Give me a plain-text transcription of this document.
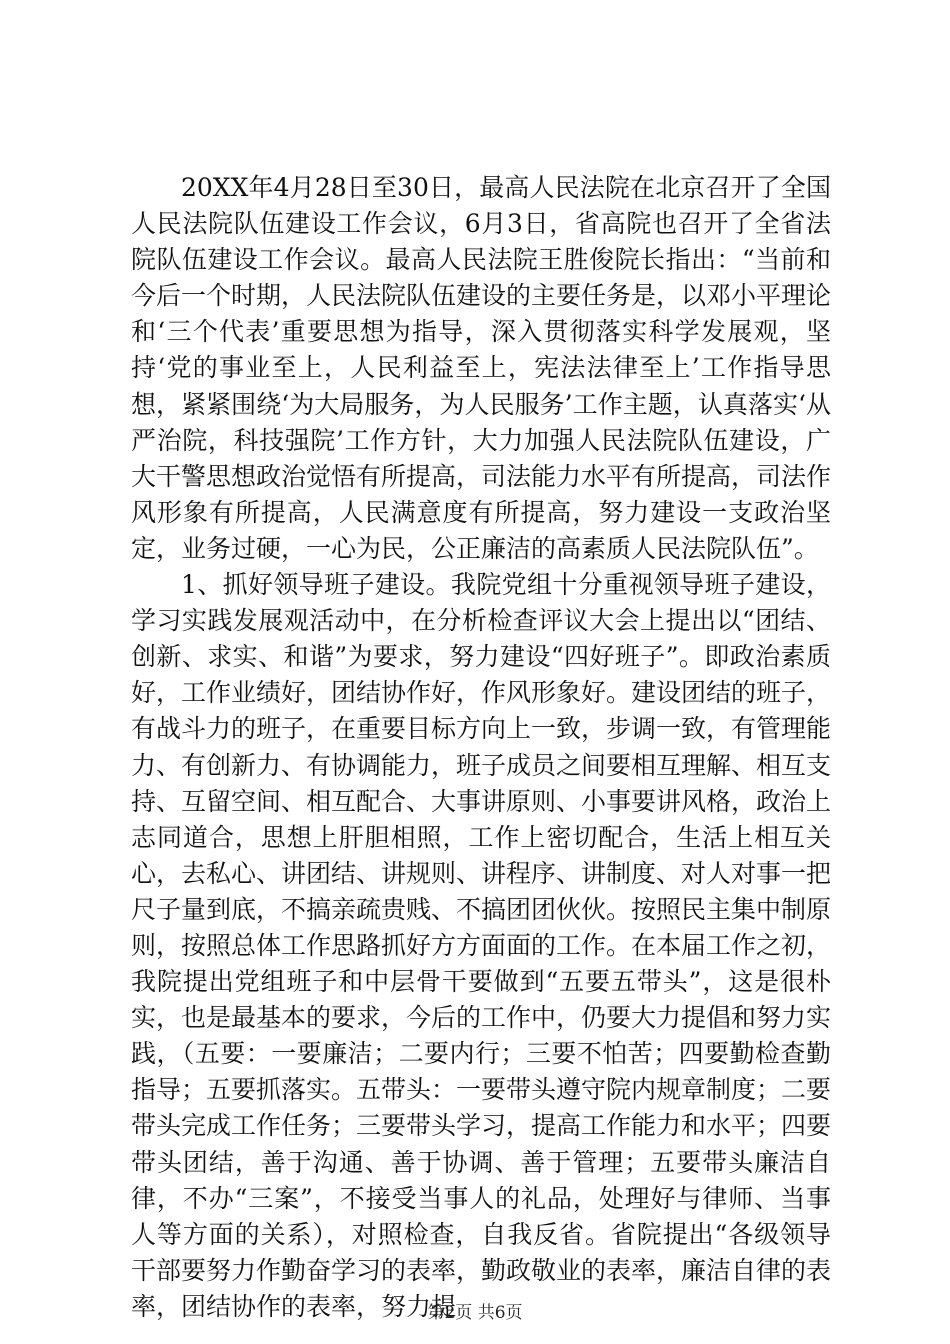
20XX年4月28日至30日，最高人民法院在北京召开了全国人民法院队伍建设工作会议，6月3日，省高院也召开了全省法院队伍建设工作会议。最高人民法院王胜俊院长指出：“当前和今后一个时期，人民法院队伍建设的主要任务是，以邓小平理论和‘三个代表’重要思想为指导，深入贯彻落实科学发展观，坚持‘党的事业至上，人民利益至上，宪法法律至上’工作指导思想，紧紧围绕‘为大局服务，为人民服务’工作主题，认真落实‘从严治院，科技强院’工作方针，大力加强人民法院队伍建设，广大干警思想政治觉悟有所提高，司法能力水平有所提高，司法作风形象有所提高，人民满意度有所提高，努力建设一支政治坚定，业务过硬，一心为民，公正廉洁的高素质人民法院队伍”。

1、抓好领导班子建设。我院党组十分重视领导班子建设，学习实践发展观活动中，在分析检查评议大会上提出以“团结、创新、求实、和谐”为要求，努力建设“四好班子”。即政治素质好，工作业绩好，团结协作好，作风形象好。建设团结的班子，有战斗力的班子，在重要目标方向上一致，步调一致，有管理能力、有创新力、有协调能力，班子成员之间要相互理解、相互支持、互留空间、相互配合、大事讲原则、小事要讲风格，政治上志同道合，思想上肝胆相照，工作上密切配合，生活上相互关心，去私心、讲团结、讲规则、讲程序、讲制度、对人对事一把尺子量到底，不搞亲疏贵贱、不搞团团伙伙。按照民主集中制原则，按照总体工作思路抓好方方面面的工作。在本届工作之初，我院提出党组班子和中层骨干要做到“五要五带头”，这是很朴实，也是最基本的要求，今后的工作中，仍要大力提倡和努力实践，（五要：一要廉洁；二要内行；三要不怕苦；四要勤检查勤指导；五要抓落实。五带头：一要带头遵守院内规章制度；二要带头完成工作任务；三要带头学习，提高工作能力和水平；四要带头团结，善于沟通、善于协调、善于管理；五要带头廉洁自律，不办“三案”，不接受当事人的礼品，处理好与律师、当事人等方面的关系），对照检查，自我反省。省院提出“各级领导干部要努力作勤奋学习的表率，勤政敬业的表率，廉洁自律的表率，团结协作的表率，努力提

第2页 共6页
